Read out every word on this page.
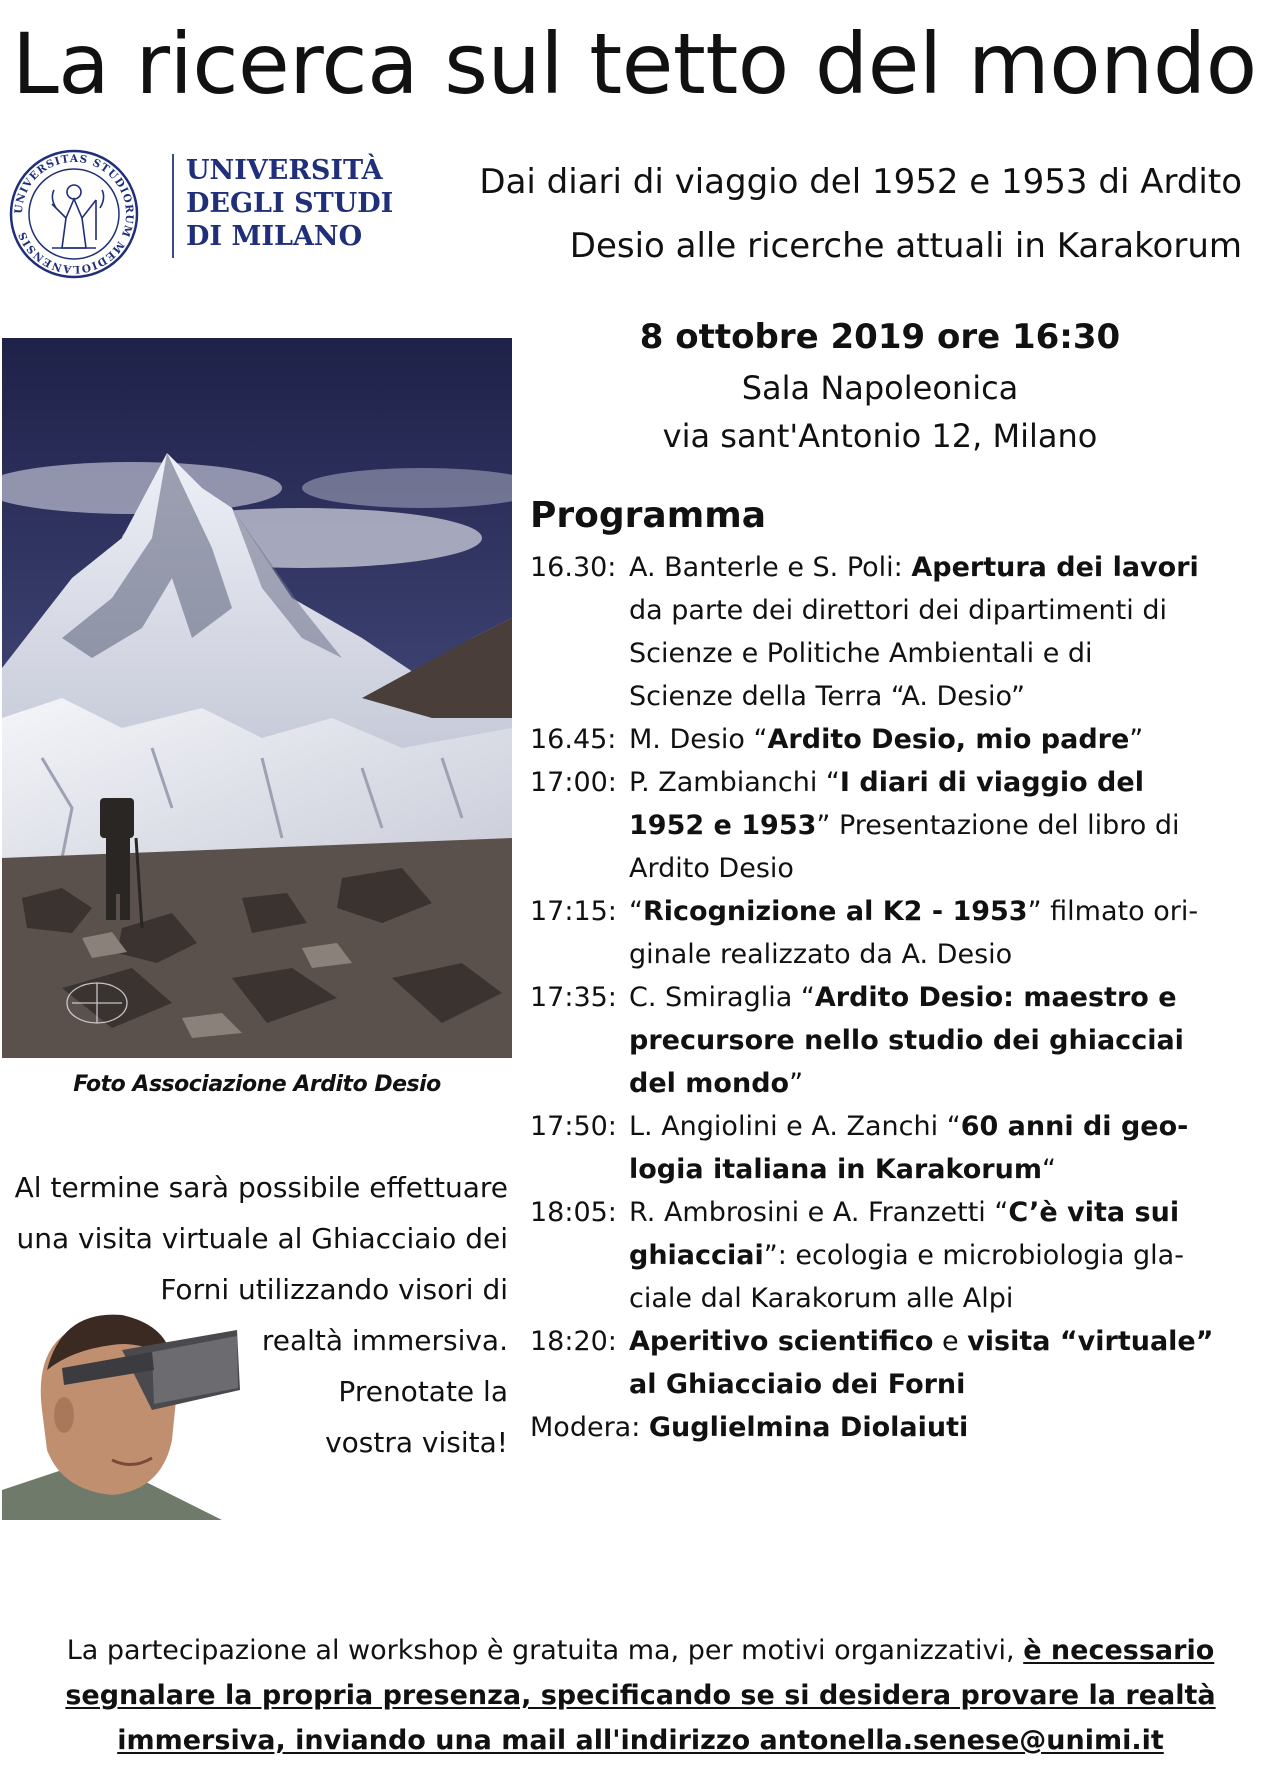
La ricerca sul tetto del mondo
UNIVERSITAS STUDIORUM MEDIOLANENSIS
UNIVERSITÀ
DEGLI STUDI
DI MILANO
Dai diari di viaggio del 1952 e 1953 di Ardito
Desio alle ricerche attuali in Karakorum
8 ottobre 2019 ore 16:30
Sala Napoleonica
via sant'Antonio 12, Milano
Foto Associazione Ardito Desio
Al termine sarà possibile effettuare
una visita virtuale al Ghiacciaio dei
Forni utilizzando visori di
realtà immersiva.
Prenotate la
vostra visita!
Programma
16.30: A. Banterle e S. Poli: Apertura dei lavori
da parte dei direttori dei dipartimenti di
Scienze e Politiche Ambientali e di
Scienze della Terra “A. Desio”
16.45: M. Desio “Ardito Desio, mio padre”
17:00: P. Zambianchi “I diari di viaggio del
1952 e 1953” Presentazione del libro di
Ardito Desio
17:15: “Ricognizione al K2 - 1953” filmato ori-
ginale realizzato da A. Desio
17:35: C. Smiraglia “Ardito Desio: maestro e
precursore nello studio dei ghiacciai
del mondo”
17:50: L. Angiolini e A. Zanchi “60 anni di geo-
logia italiana in Karakorum“
18:05: R. Ambrosini e A. Franzetti “C’è vita sui
ghiacciai”: ecologia e microbiologia gla-
ciale dal Karakorum alle Alpi
18:20: Aperitivo scientifico e visita “virtuale”
al Ghiacciaio dei Forni
Modera: Guglielmina Diolaiuti
La partecipazione al workshop è gratuita ma, per motivi organizzativi, è necessario
segnalare la propria presenza, specificando se si desidera provare la realtà
immersiva, inviando una mail all'indirizzo antonella.senese@unimi.it
